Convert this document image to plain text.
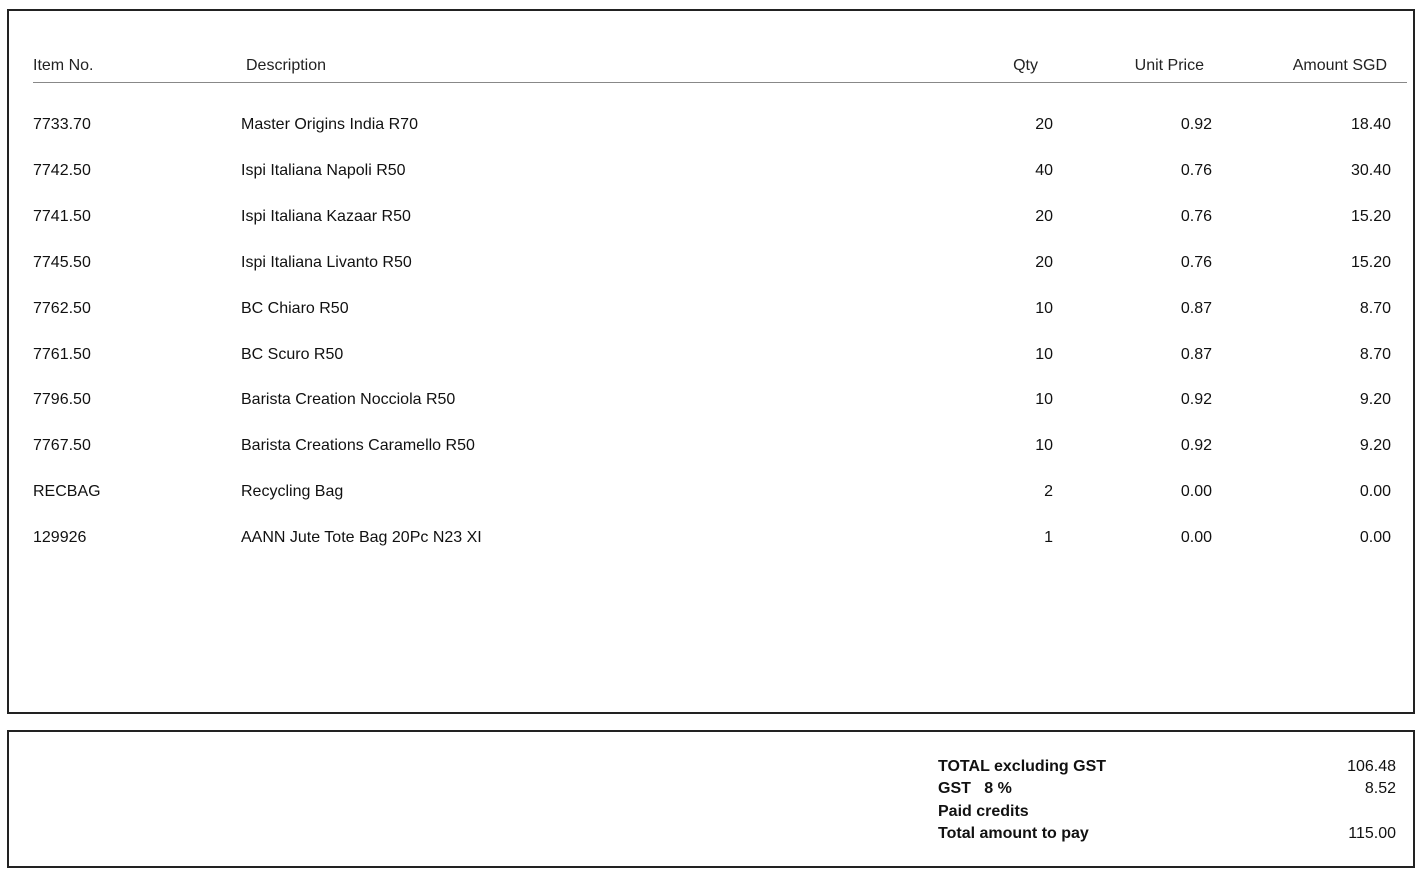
Item No.	Description	Qty	Unit Price	Amount SGD
7733.70	Master Origins India R70	20	0.92	18.40
7742.50	Ispi Italiana Napoli R50	40	0.76	30.40
7741.50	Ispi Italiana Kazaar R50	20	0.76	15.20
7745.50	Ispi Italiana Livanto R50	20	0.76	15.20
7762.50	BC Chiaro R50	10	0.87	8.70
7761.50	BC Scuro R50	10	0.87	8.70
7796.50	Barista Creation Nocciola R50	10	0.92	9.20
7767.50	Barista Creations Caramello R50	10	0.92	9.20
RECBAG	Recycling Bag	2	0.00	0.00
129926	AANN Jute Tote Bag 20Pc N23 XI	1	0.00	0.00
TOTAL excluding GST	106.48
GST   8 %	8.52
Paid credits
Total amount to pay	115.00
